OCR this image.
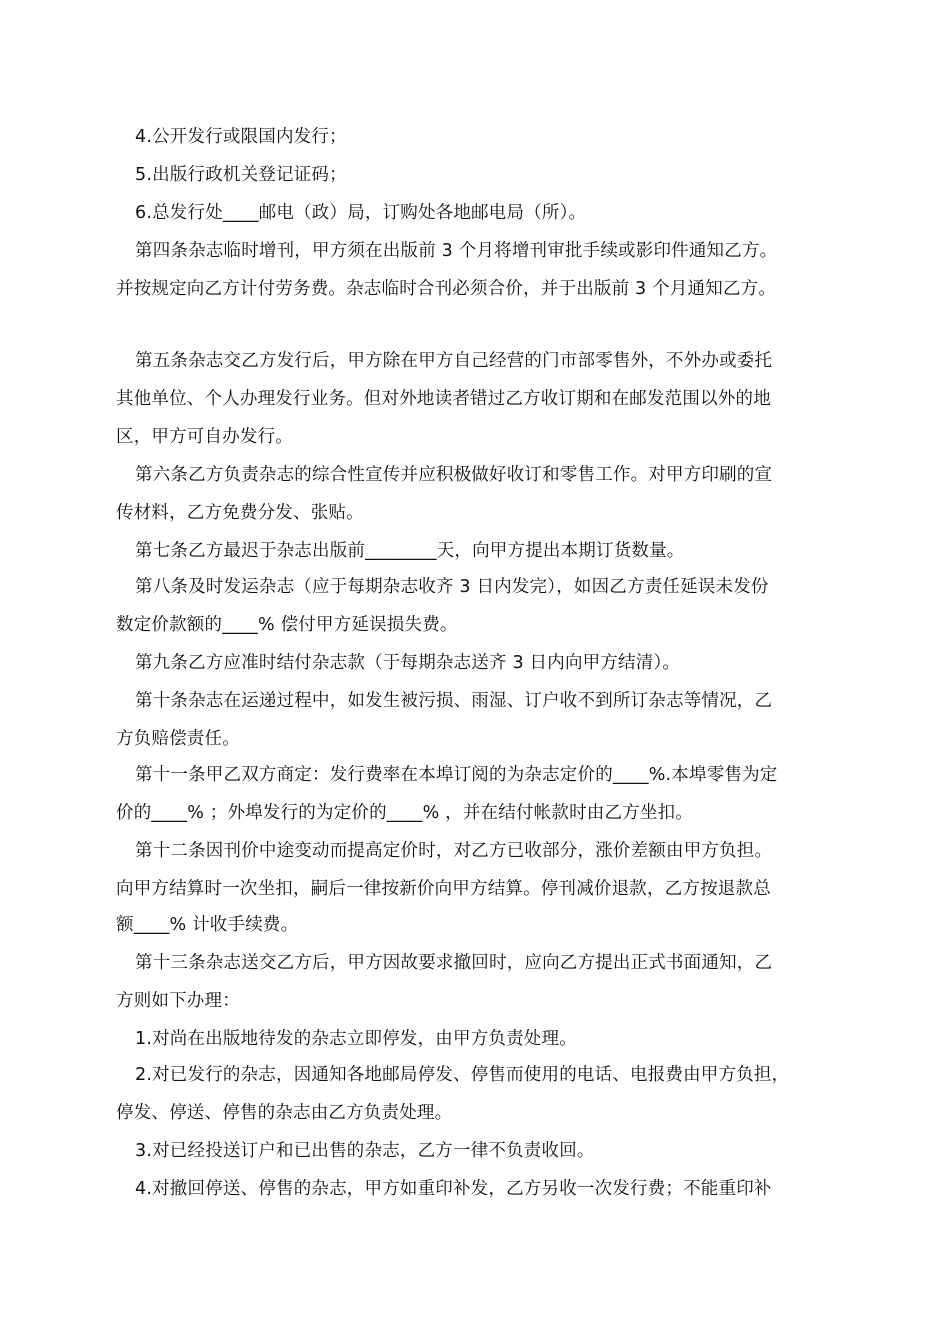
4.公开发行或限国内发行；
5.出版行政机关登记证码；
6.总发行处____邮电（政）局，订购处各地邮电局（所）。
第四条杂志临时增刊，甲方须在出版前 3 个月将增刊审批手续或影印件通知乙方。
并按规定向乙方计付劳务费。杂志临时合刊必须合价，并于出版前 3 个月通知乙方。
第五条杂志交乙方发行后，甲方除在甲方自己经营的门市部零售外，不外办或委托
其他单位、个人办理发行业务。但对外地读者错过乙方收订期和在邮发范围以外的地
区，甲方可自办发行。
第六条乙方负责杂志的综合性宣传并应积极做好收订和零售工作。对甲方印刷的宣
传材料，乙方免费分发、张贴。
第七条乙方最迟于杂志出版前________天，向甲方提出本期订货数量。
第八条及时发运杂志（应于每期杂志收齐 3 日内发完），如因乙方责任延误未发份
数定价款额的____% 偿付甲方延误损失费。
第九条乙方应准时结付杂志款（于每期杂志送齐 3 日内向甲方结清）。
第十条杂志在运递过程中，如发生被污损、雨湿、订户收不到所订杂志等情况，乙
方负赔偿责任。
第十一条甲乙双方商定：发行费率在本埠订阅的为杂志定价的____%.本埠零售为定
价的____% ；外埠发行的为定价的____% ，并在结付帐款时由乙方坐扣。
第十二条因刊价中途变动而提高定价时，对乙方已收部分，涨价差额由甲方负担。
向甲方结算时一次坐扣，嗣后一律按新价向甲方结算。停刊减价退款，乙方按退款总
额____% 计收手续费。
第十三条杂志送交乙方后，甲方因故要求撤回时，应向乙方提出正式书面通知，乙
方则如下办理：
1.对尚在出版地待发的杂志立即停发，由甲方负责处理。
2.对已发行的杂志，因通知各地邮局停发、停售而使用的电话、电报费由甲方负担，
停发、停送、停售的杂志由乙方负责处理。
3.对已经投送订户和已出售的杂志，乙方一律不负责收回。
4.对撤回停送、停售的杂志，甲方如重印补发，乙方另收一次发行费；不能重印补
